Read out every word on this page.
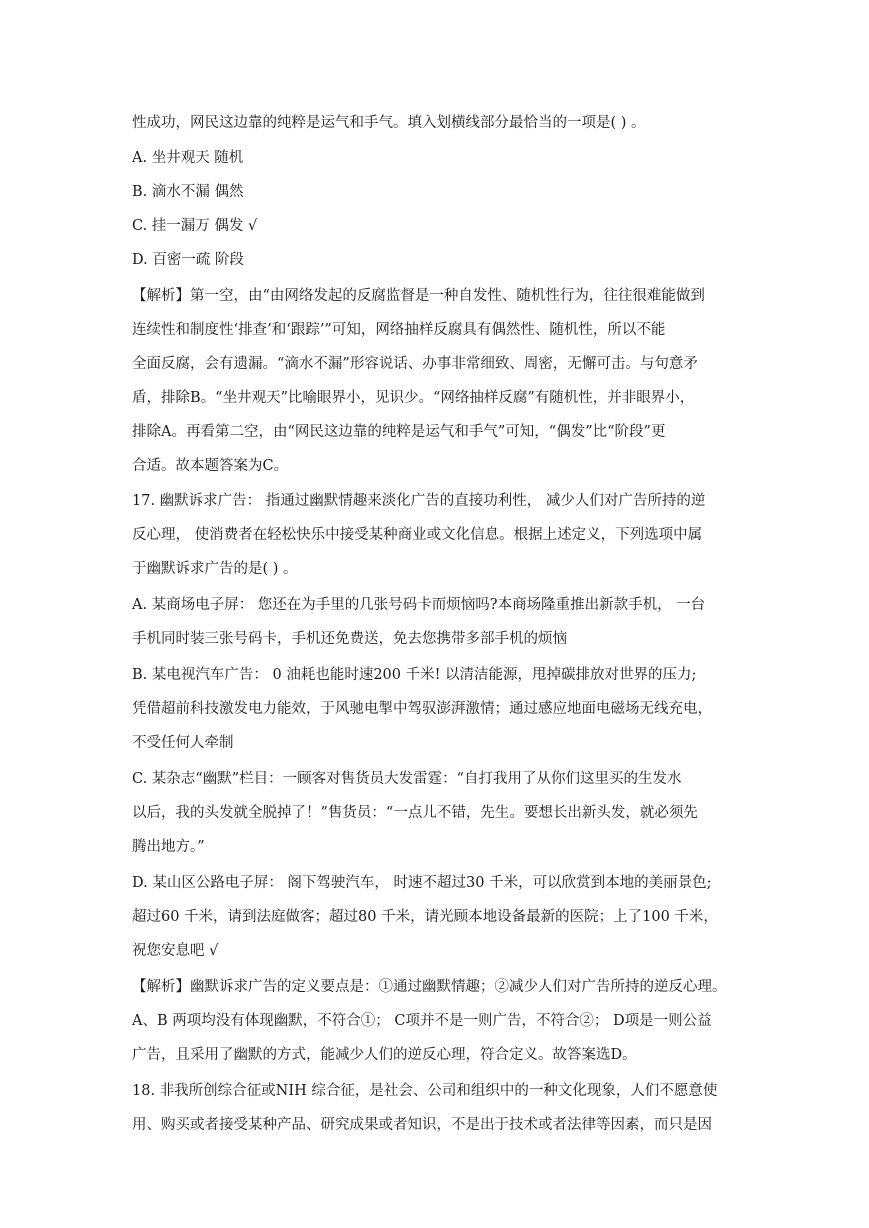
性成功，网民这边靠的纯粹是运气和手气。填入划横线部分最恰当的一项是( ) 。
A. 坐井观天 随机
B. 滴水不漏 偶然
C. 挂一漏万 偶发 √
D. 百密一疏 阶段
【解析】第一空，由“由网络发起的反腐监督是一种自发性、随机性行为，往往很难能做到
连续性和制度性‘排查’和‘跟踪’”可知，网络抽样反腐具有偶然性、随机性，所以不能
全面反腐，会有遗漏。“滴水不漏”形容说话、办事非常细致、周密，无懈可击。与句意矛
盾，排除B。“坐井观天”比喻眼界小，见识少。“网络抽样反腐”有随机性，并非眼界小，
排除A。再看第二空，由“网民这边靠的纯粹是运气和手气”可知，“偶发”比“阶段”更
合适。故本题答案为C。
17. 幽默诉求广告： 指通过幽默情趣来淡化广告的直接功利性， 减少人们对广告所持的逆
反心理， 使消费者在轻松快乐中接受某种商业或文化信息。根据上述定义，下列选项中属
于幽默诉求广告的是( ) 。
A. 某商场电子屏： 您还在为手里的几张号码卡而烦恼吗?本商场隆重推出新款手机， 一台
手机同时装三张号码卡，手机还免费送，免去您携带多部手机的烦恼
B. 某电视汽车广告： 0 油耗也能时速200 千米! 以清洁能源，甩掉碳排放对世界的压力;
凭借超前科技激发电力能效，于风驰电掣中驾驭澎湃激情；通过感应地面电磁场无线充电，
不受任何人牵制
C. 某杂志“幽默”栏目：一顾客对售货员大发雷霆：“自打我用了从你们这里买的生发水
以后，我的头发就全脱掉了！”售货员：“一点儿不错，先生。要想长出新头发，就必须先
腾出地方。”
D. 某山区公路电子屏： 阁下驾驶汽车， 时速不超过30 千米，可以欣赏到本地的美丽景色;
超过60 千米，请到法庭做客；超过80 千米，请光顾本地设备最新的医院；上了100 千米，
祝您安息吧 √
【解析】幽默诉求广告的定义要点是：①通过幽默情趣；②减少人们对广告所持的逆反心理。
A、B 两项均没有体现幽默，不符合①； C项并不是一则广告，不符合②； D项是一则公益
广告，且采用了幽默的方式，能减少人们的逆反心理，符合定义。故答案选D。
18. 非我所创综合征或NIH 综合征，是社会、公司和组织中的一种文化现象，人们不愿意使
用、购买或者接受某种产品、研究成果或者知识，不是出于技术或者法律等因素，而只是因
